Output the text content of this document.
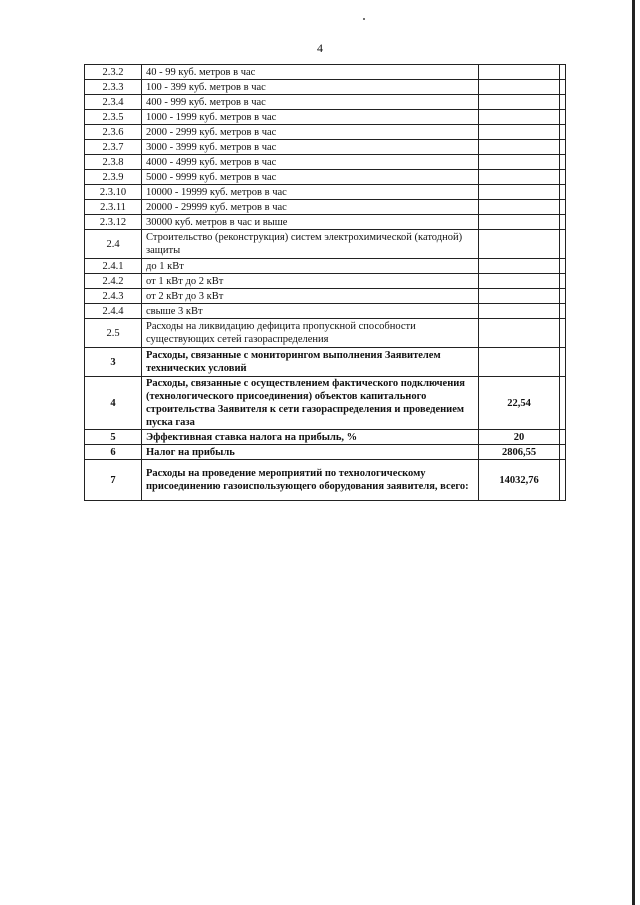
4
2.3.2	40 - 99 куб. метров в час		
2.3.3	100 - 399 куб. метров в час		
2.3.4	400 - 999 куб. метров в час		
2.3.5	1000 - 1999 куб. метров в час		
2.3.6	2000 - 2999 куб. метров в час		
2.3.7	3000 - 3999 куб. метров в час		
2.3.8	4000 - 4999 куб. метров в час		
2.3.9	5000 - 9999 куб. метров в час		
2.3.10	10000 - 19999 куб. метров в час		
2.3.11	20000 - 29999 куб. метров в час		
2.3.12	30000 куб. метров в час и выше		
2.4	Строительство (реконструкция) систем электрохимической (катодной) защиты		
2.4.1	до 1 кВт		
2.4.2	от 1 кВт до 2 кВт		
2.4.3	от 2 кВт до 3 кВт		
2.4.4	свыше 3 кВт		
2.5	Расходы на ликвидацию дефицита пропускной способности существующих сетей газораспределения		
3	Расходы, связанные с мониторингом выполнения Заявителем технических условий		
4	Расходы, связанные с осуществлением фактического подключения (технологического присоединения) объектов капитального строительства Заявителя к сети газораспределения и проведением пуска газа	22,54	
5	Эффективная ставка налога на прибыль, %	20	
6	Налог на прибыль	2806,55	
7	Расходы на проведение мероприятий по технологическому присоединению газоиспользующего оборудования заявителя, всего:	14032,76	
